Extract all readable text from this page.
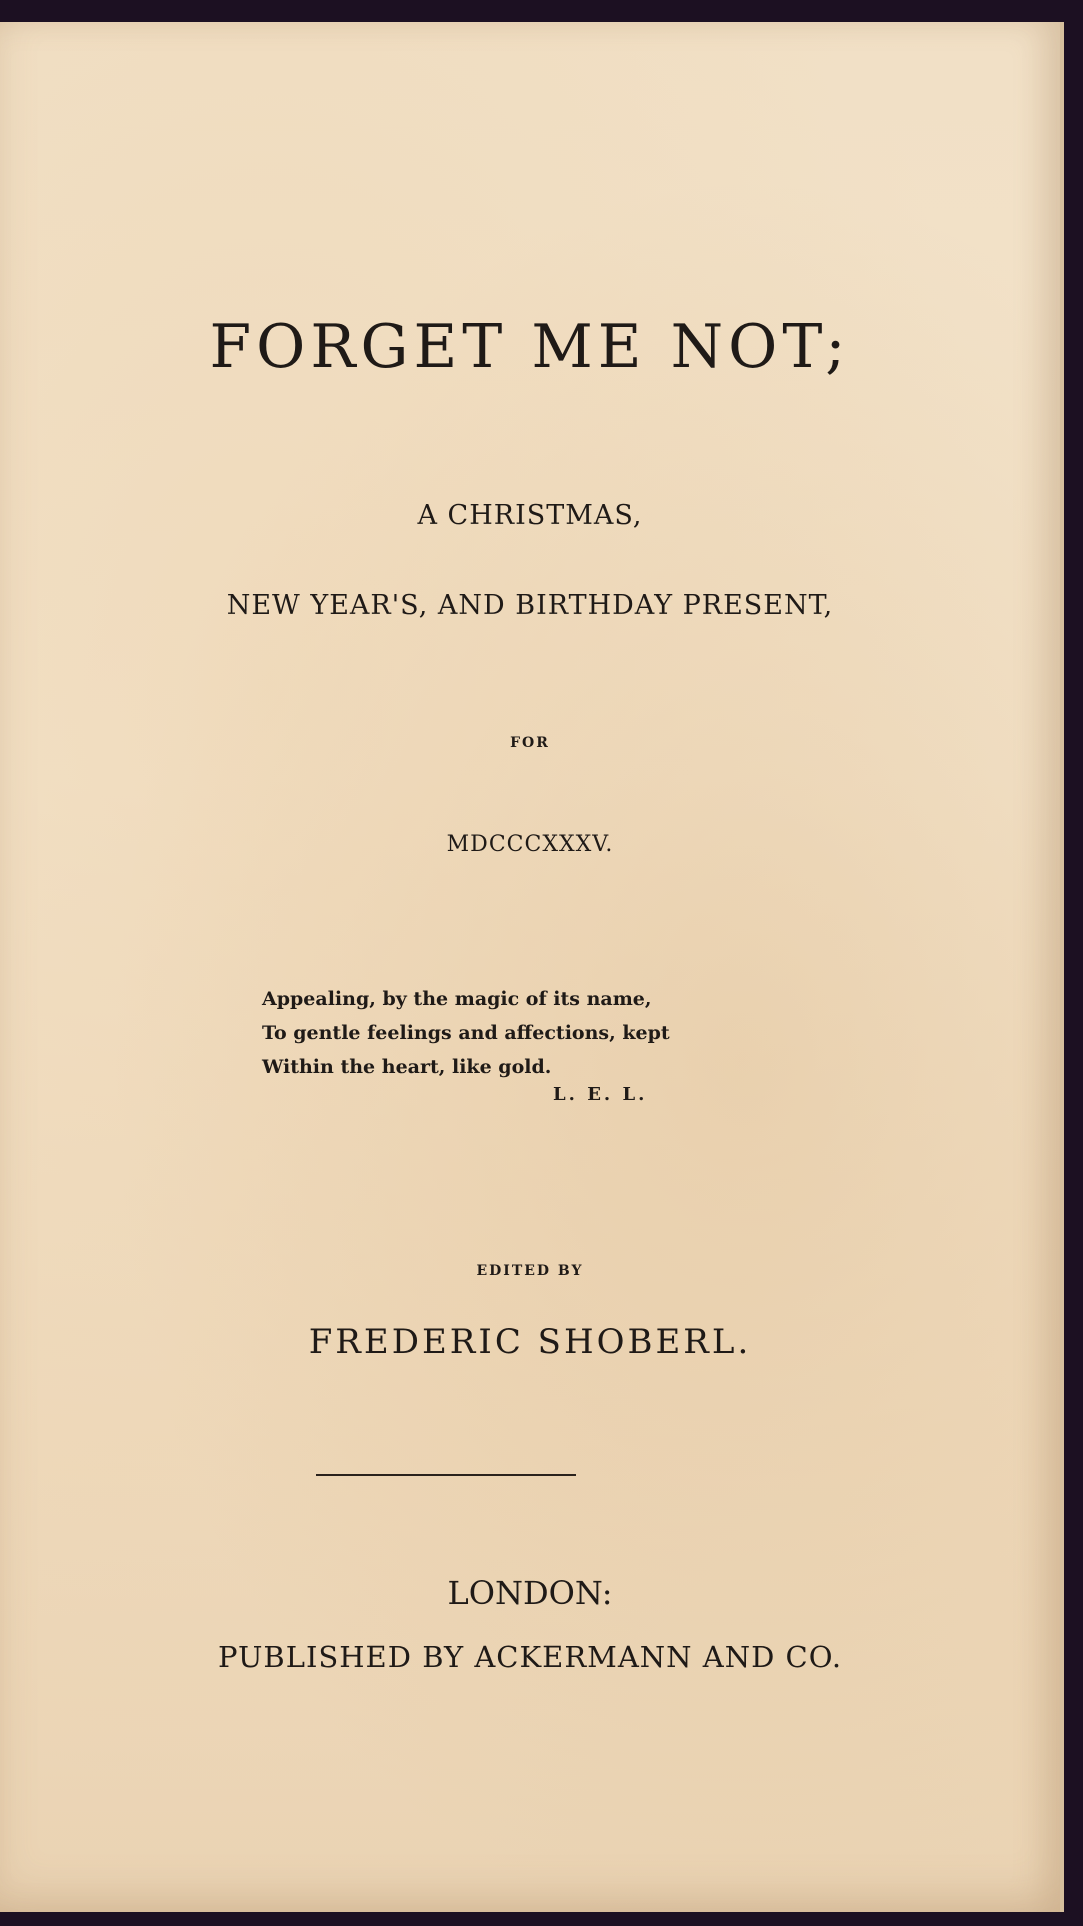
FORGET ME NOT;
A CHRISTMAS,
NEW YEAR'S, AND BIRTHDAY PRESENT,
FOR
MDCCCXXXV.
Appealing, by the magic of its name,
To gentle feelings and affections, kept
Within the heart, like gold.
L. E. L.
EDITED BY
FREDERIC SHOBERL.
LONDON:
PUBLISHED BY ACKERMANN AND CO.
